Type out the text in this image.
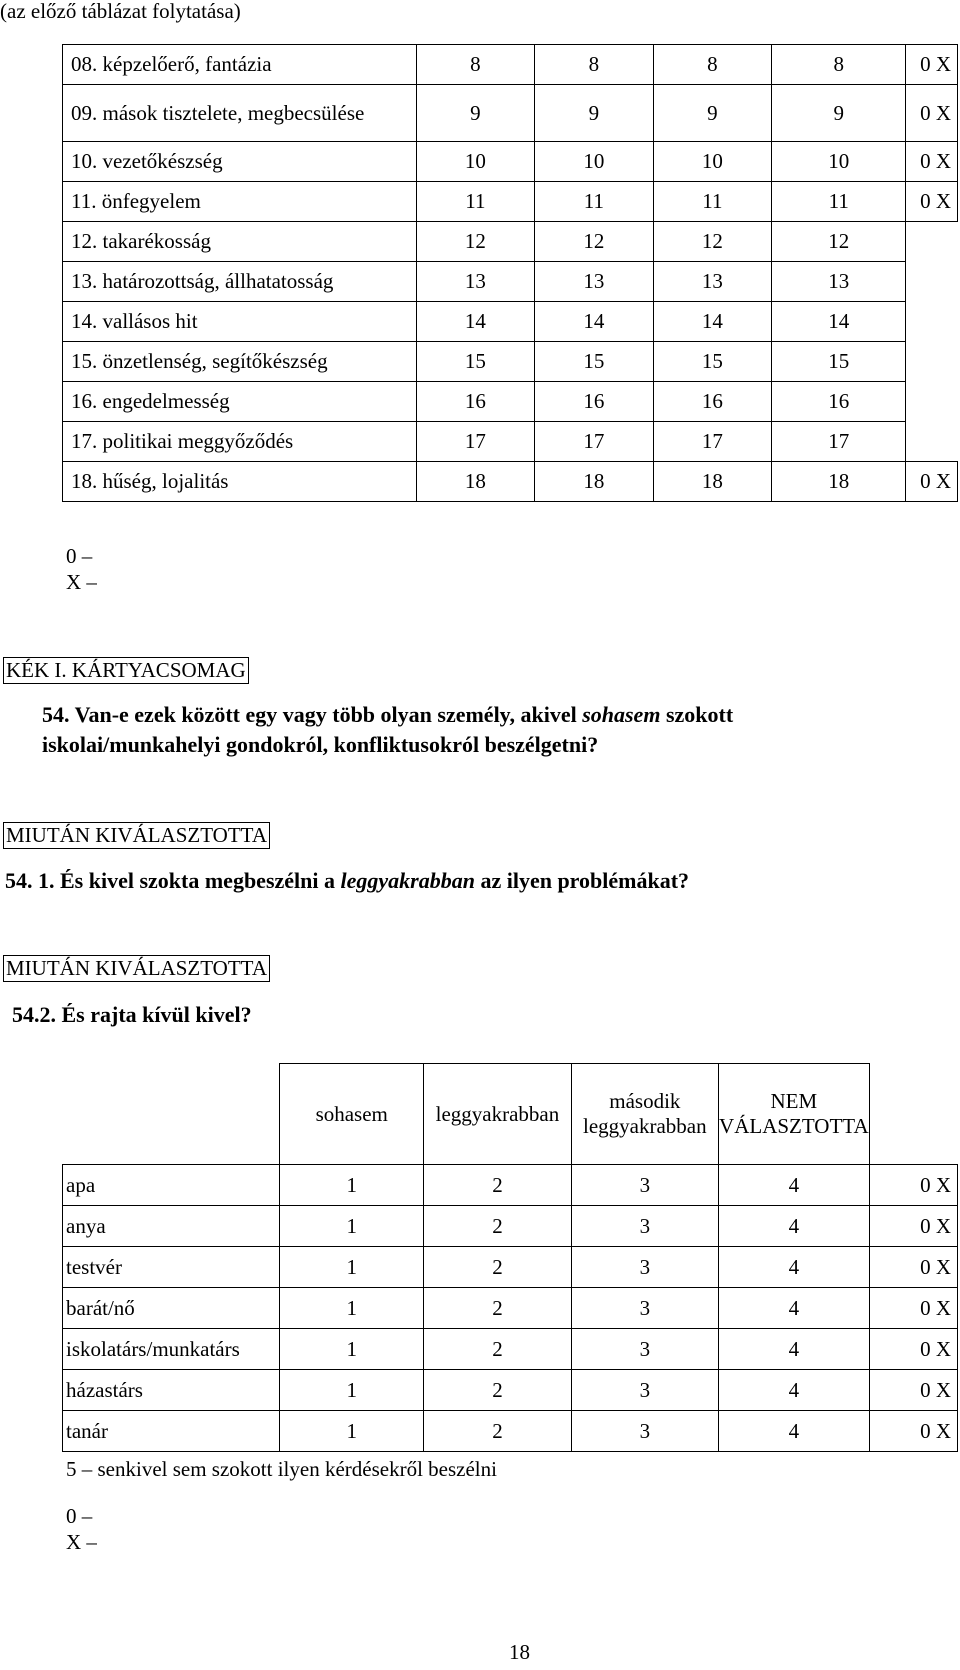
(az előző táblázat folytatása)
08. képzelőerő, fantázia	8	8	8	8	0 X
09. mások tisztelete, megbecsülése	9	9	9	9	0 X
10. vezetőkészség	10	10	10	10	0 X
11. önfegyelem	11	11	11	11	0 X
12. takarékosság	12	12	12	12	
13. határozottság, állhatatosság	13	13	13	13	
14. vallásos hit	14	14	14	14	
15. önzetlenség, segítőkészség	15	15	15	15	
16. engedelmesség	16	16	16	16	
17. politikai meggyőződés	17	17	17	17	
18. hűség, lojalitás	18	18	18	18	0 X
0 –
X –
KÉK I. KÁRTYACSOMAG
54. Van-e ezek között egy vagy több olyan személy, akivel sohasem szokott
iskolai/munkahelyi gondokról, konfliktusokról beszélgetni?
MIUTÁN KIVÁLASZTOTTA
54. 1. És kivel szokta megbeszélni a leggyakrabban az ilyen problémákat?
MIUTÁN KIVÁLASZTOTTA
54.2. És rajta kívül kivel?
	sohasem	leggyakrabban	második leggyakrabban	NEM VÁLASZTOTTA	
apa	1	2	3	4	0 X
anya	1	2	3	4	0 X
testvér	1	2	3	4	0 X
barát/nő	1	2	3	4	0 X
iskolatárs/munkatárs	1	2	3	4	0 X
házastárs	1	2	3	4	0 X
tanár	1	2	3	4	0 X
5 – senkivel sem szokott ilyen kérdésekről beszélni
0 –
X –
18
